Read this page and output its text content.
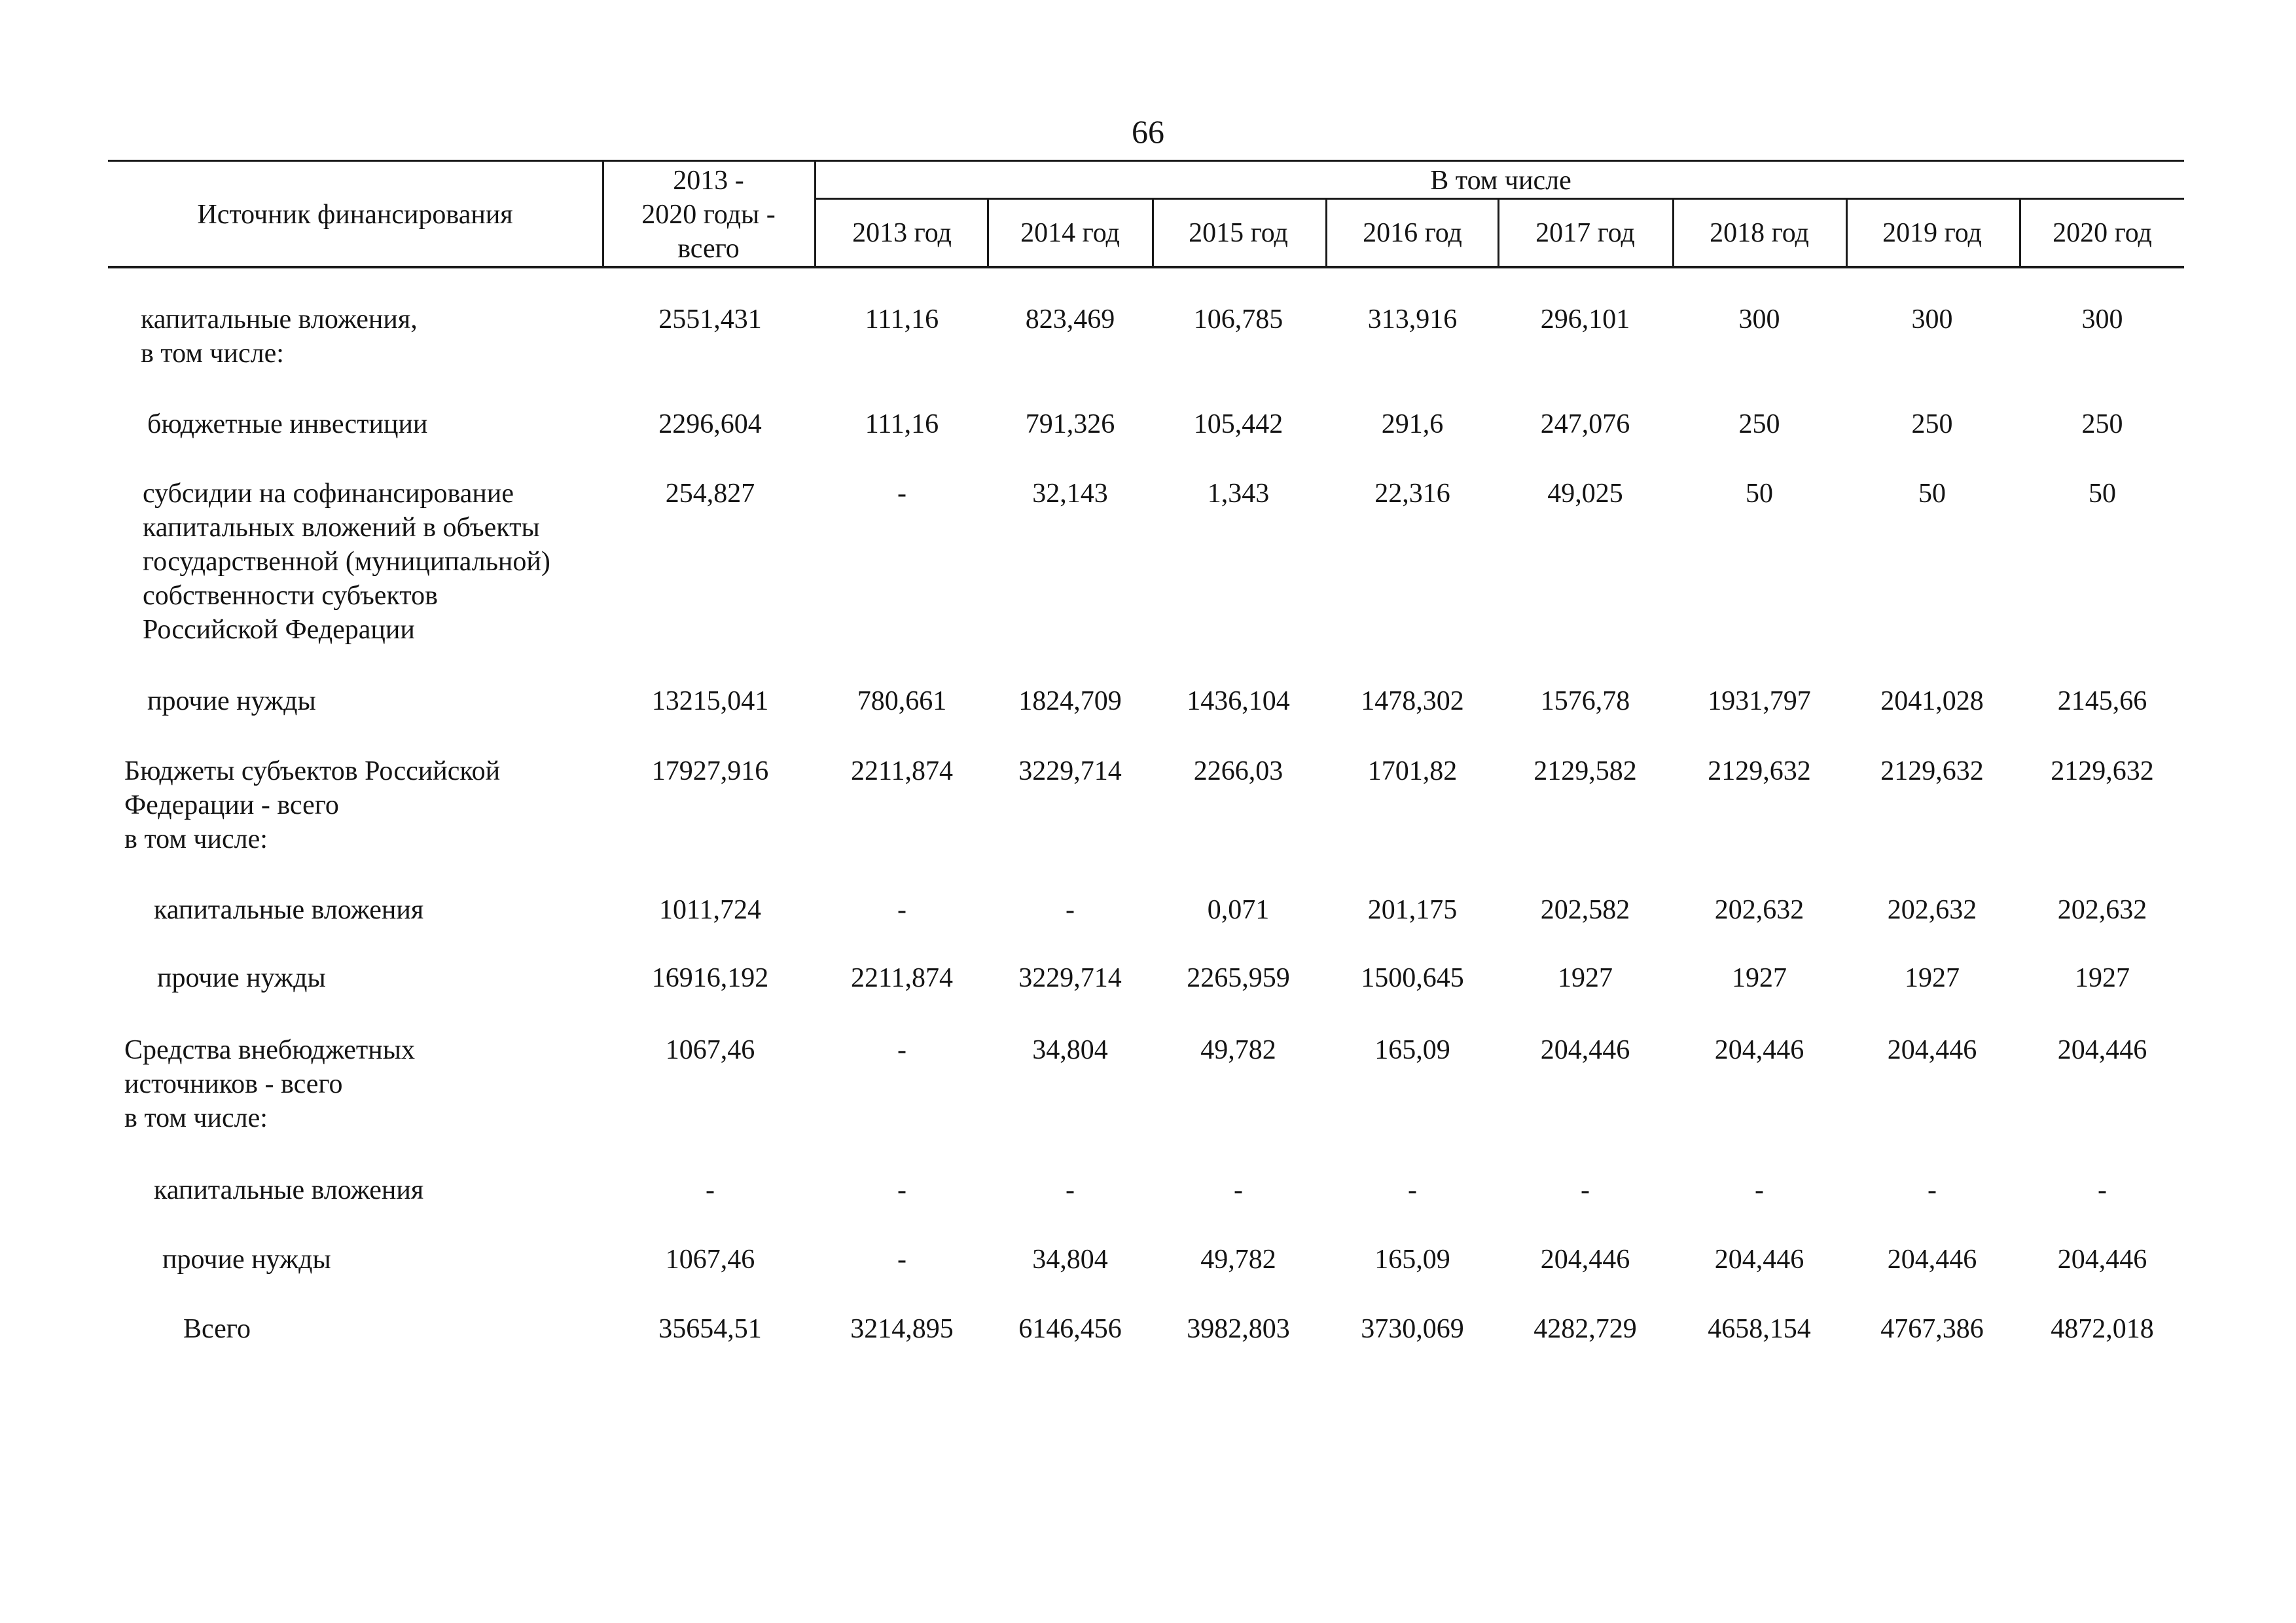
66
Источник финансирования
2013 -
2020 годы -
всего
В том числе
2013 год	2014 год	2015 год	2016 год	2017 год	2018 год	2019 год	2020 год
капитальные вложения,
в том числе:
2551,431	111,16	823,469	106,785	313,916	296,101	300	300	300
бюджетные инвестиции	2296,604	111,16	791,326	105,442	291,6	247,076	250	250	250
субсидии на софинансирование
капитальных вложений в объекты
государственной (муниципальной)
собственности субъектов
Российской Федерации
254,827	-	32,143	1,343	22,316	49,025	50	50	50
прочие нужды	13215,041	780,661	1824,709	1436,104	1478,302	1576,78	1931,797	2041,028	2145,66
Бюджеты субъектов Российской
Федерации - всего
в том числе:
17927,916	2211,874	3229,714	2266,03	1701,82	2129,582	2129,632	2129,632	2129,632
капитальные вложения	1011,724	-	-	0,071	201,175	202,582	202,632	202,632	202,632
прочие нужды	16916,192	2211,874	3229,714	2265,959	1500,645	1927	1927	1927	1927
Средства внебюджетных
источников - всего
в том числе:
1067,46	-	34,804	49,782	165,09	204,446	204,446	204,446	204,446
капитальные вложения	-	-	-	-	-	-	-	-	-
прочие нужды	1067,46	-	34,804	49,782	165,09	204,446	204,446	204,446	204,446
Всего	35654,51	3214,895	6146,456	3982,803	3730,069	4282,729	4658,154	4767,386	4872,018
